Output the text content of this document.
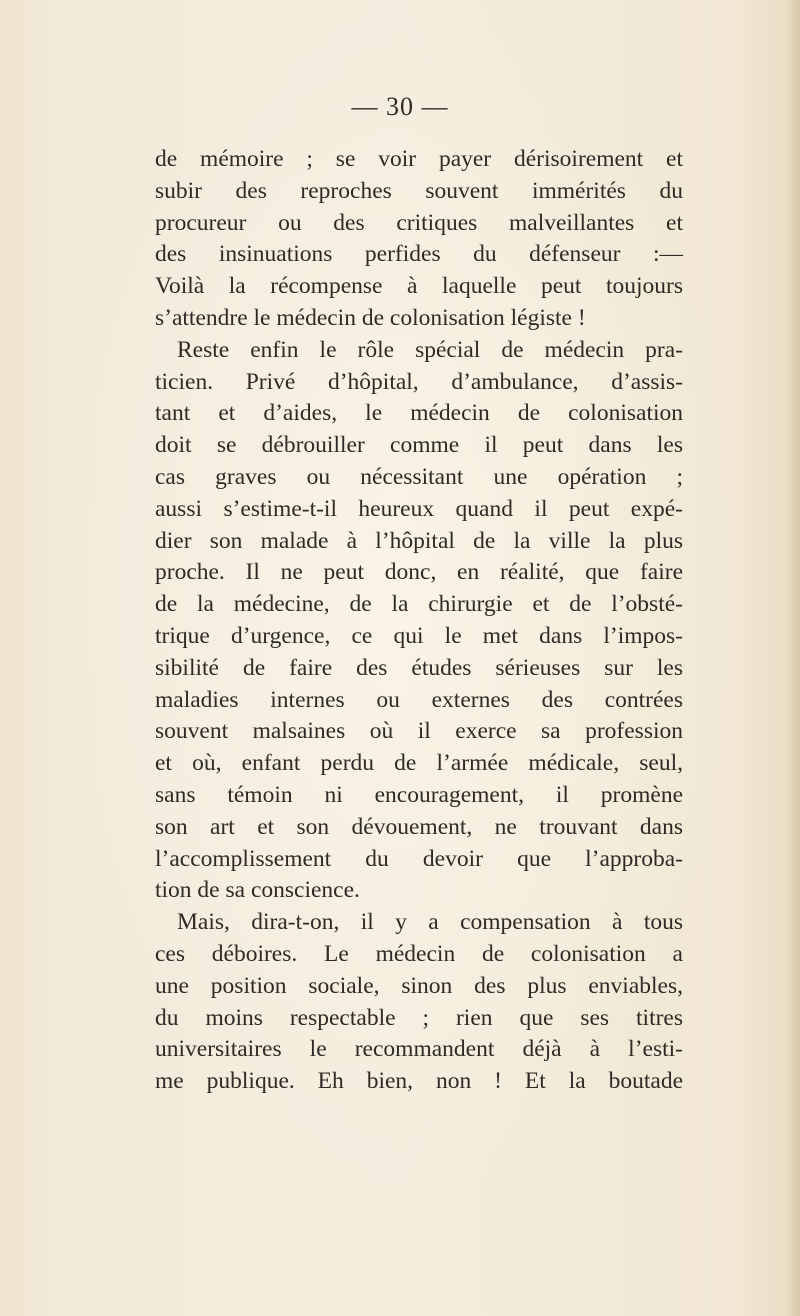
— 30 —
de mémoire ; se voir payer dérisoirement et
subir des reproches souvent immérités du
procureur ou des critiques malveillantes et
des insinuations perfides du défenseur :—
Voilà la récompense à laquelle peut toujours
s’attendre le médecin de colonisation légiste !
Reste enfin le rôle spécial de médecin pra-
ticien. Privé d’hôpital, d’ambulance, d’assis-
tant et d’aides, le médecin de colonisation
doit se débrouiller comme il peut dans les
cas graves ou nécessitant une opération ;
aussi s’estime-t-il heureux quand il peut expé-
dier son malade à l’hôpital de la ville la plus
proche. Il ne peut donc, en réalité, que faire
de la médecine, de la chirurgie et de l’obsté-
trique d’urgence, ce qui le met dans l’impos-
sibilité de faire des études sérieuses sur les
maladies internes ou externes des contrées
souvent malsaines où il exerce sa profession
et où, enfant perdu de l’armée médicale, seul,
sans témoin ni encouragement, il promène
son art et son dévouement, ne trouvant dans
l’accomplissement du devoir que l’approba-
tion de sa conscience.
Mais, dira-t-on, il y a compensation à tous
ces déboires. Le médecin de colonisation a
une position sociale, sinon des plus enviables,
du moins respectable ; rien que ses titres
universitaires le recommandent déjà à l’esti-
me publique. Eh bien, non ! Et la boutade
